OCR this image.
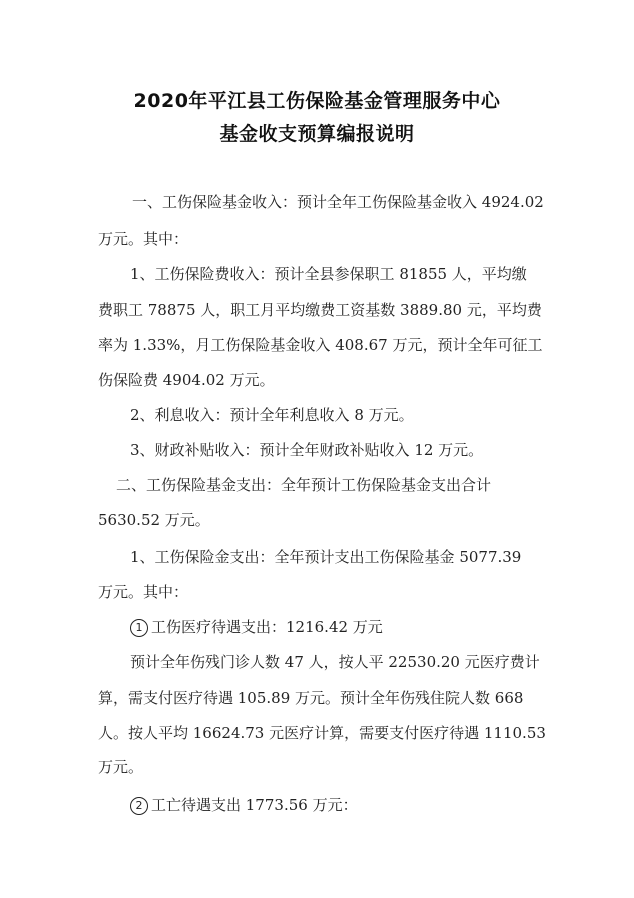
2020年平江县工伤保险基金管理服务中心
基金收支预算编报说明
一、工伤保险基金收入：预计全年工伤保险基金收入 4924.02
万元。其中：
1、工伤保险费收入：预计全县参保职工 81855 人，平均缴
费职工 78875 人，职工月平均缴费工资基数 3889.80 元，平均费
率为 1.33%，月工伤保险基金收入 408.67 万元，预计全年可征工
伤保险费 4904.02 万元。
2、利息收入：预计全年利息收入 8 万元。
3、财政补贴收入：预计全年财政补贴收入 12 万元。
二、工伤保险基金支出：全年预计工伤保险基金支出合计
5630.52 万元。
1、工伤保险金支出：全年预计支出工伤保险基金 5077.39
万元。其中：
1 工伤医疗待遇支出：1216.42 万元
预计全年伤残门诊人数 47 人，按人平 22530.20 元医疗费计
算，需支付医疗待遇 105.89 万元。预计全年伤残住院人数 668
人。按人平均 16624.73 元医疗计算，需要支付医疗待遇 1110.53
万元。
2 工亡待遇支出 1773.56 万元：
